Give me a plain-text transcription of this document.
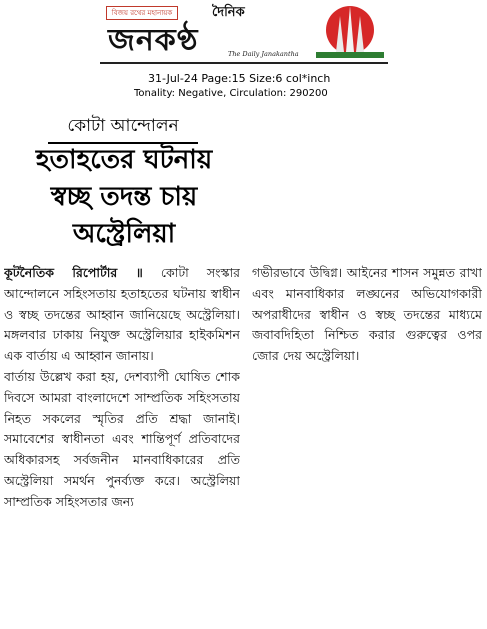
বিজয় রথের মহানায়ক	দৈনিক
জনকণ্ঠ	The Daily Janakantha
31-Jul-24 Page:15 Size:6 col*inch
Tonality: Negative, Circulation: 290200
কোটা আন্দোলন
হতাহতের ঘটনায়
স্বচ্ছ তদন্ত চায়
অস্ট্রেলিয়া

কূটনৈতিক রিপোর্টার ॥ কোটা সংস্কার আন্দোলনে সহিংসতায় হতাহতের ঘটনায় স্বাধীন ও স্বচ্ছ তদন্তের আহ্বান জানিয়েছে অস্ট্রেলিয়া। মঙ্গলবার ঢাকায় নিযুক্ত অস্ট্রেলিয়ার হাইকমিশন এক বার্তায় এ আহ্বান জানায়।

বার্তায় উল্লেখ করা হয়, দেশব্যাপী ঘোষিত শোক দিবসে আমরা বাংলাদেশে সাম্প্রতিক সহিংসতায় নিহত সকলের স্মৃতির প্রতি শ্রদ্ধা জানাই। সমাবেশের স্বাধীনতা এবং শান্তিপূর্ণ প্রতিবাদের অধিকারসহ সর্বজনীন মানবাধিকারের প্রতি অস্ট্রেলিয়া সমর্থন পুনর্ব্যক্ত করে। অস্ট্রেলিয়া সাম্প্রতিক সহিংসতার জন্য

গভীরভাবে উদ্বিগ্ন। আইনের শাসন সমুন্নত রাখা এবং মানবাধিকার লঙ্ঘনের অভিযোগকারী অপরাধীদের স্বাধীন ও স্বচ্ছ তদন্তের মাধ্যমে জবাবদিহিতা নিশ্চিত করার গুরুত্বের ওপর জোর দেয় অস্ট্রেলিয়া।
